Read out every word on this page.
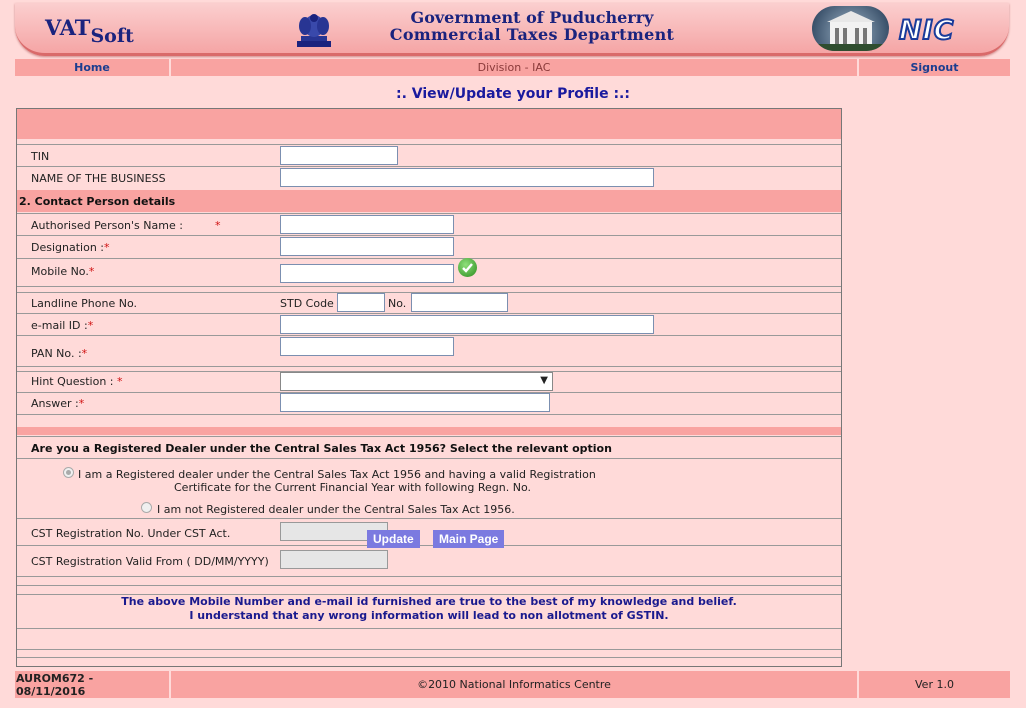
$VAT_{Soft}$
Government of Puducherry
Commercial Taxes Department	NIC
Home	Division - IAC	Signout
:. View/Update your Profile :.:
TIN
NAME OF THE BUSINESS
2. Contact Person details
Authorised Person's Name :	*
Designation :*
Mobile No.*
Landline Phone No.	STD Code	No.
e-mail ID :*
PAN No. :*
Hint Question : *	▼
Answer :*
Are you a Registered Dealer under the Central Sales Tax Act 1956? Select the relevant option
I am a Registered dealer under the Central Sales Tax Act 1956 and having a valid Registration
Certificate for the Current Financial Year with following Regn. No.
I am not Registered dealer under the Central Sales Tax Act 1956.
CST Registration No. Under CST Act.
CST Registration Valid From ( DD/MM/YYYY)
The above Mobile Number and e-mail id furnished are true to the best of my knowledge and belief.
I understand that any wrong information will lead to non allotment of GSTIN.
Update	Main Page
AUROM672 -
08/11/2016
©2010 National Informatics Centre	Ver 1.0
